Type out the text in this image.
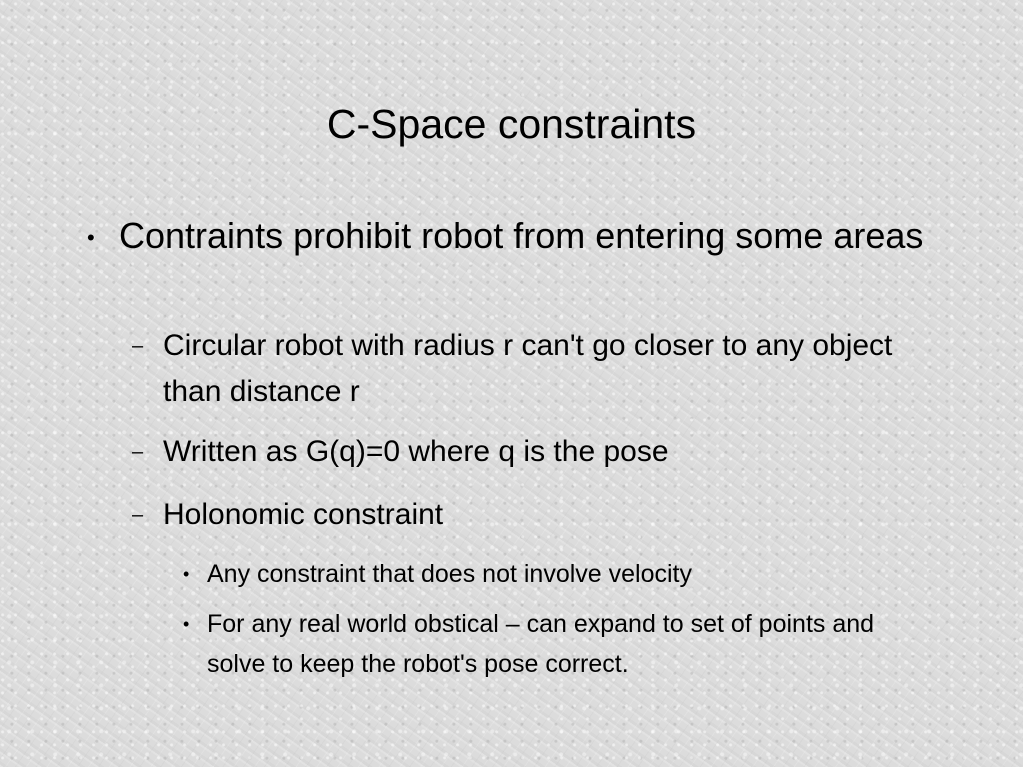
C-Space constraints
• Contraints prohibit robot from entering some areas
– Circular robot with radius r can't go closer to any object than distance r
– Written as G(q)=0 where q is the pose
– Holonomic constraint
• Any constraint that does not involve velocity
• For any real world obstical – can expand to set of points and solve to keep the robot's pose correct.
